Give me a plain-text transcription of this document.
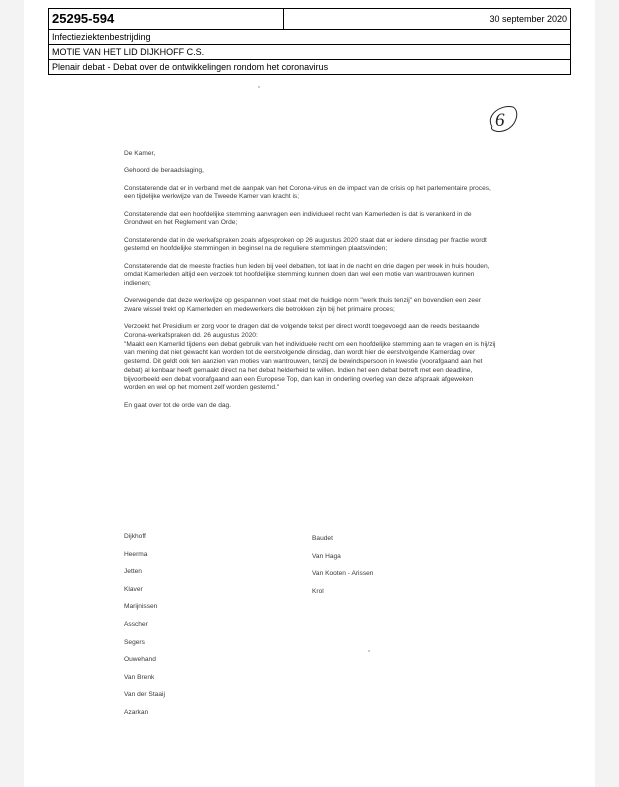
25295-594	30 september 2020
Infectieziektenbestrijding
MOTIE VAN HET LID DIJKHOFF C.S.
Plenair debat - Debat over de ontwikkelingen rondom het coronavirus
6

De Kamer,

Gehoord de beraadslaging,

Constaterende dat er in verband met de aanpak van het Corona-virus en de impact van de crisis op het parlementaire proces, een tijdelijke werkwijze van de Tweede Kamer van kracht is;

Constaterende dat een hoofdelijke stemming aanvragen een individueel recht van Kamerleden is dat is verankerd in de Grondwet en het Reglement van Orde;

Constaterende dat in de werkafspraken zoals afgesproken op 26 augustus 2020 staat dat er iedere dinsdag per fractie wordt gestemd en hoofdelijke stemmingen in beginsel na de reguliere stemmingen plaatsvinden;

Constaterende dat de meeste fracties hun leden bij veel debatten, tot laat in de nacht en drie dagen per week in huis houden, omdat Kamerleden altijd een verzoek tot hoofdelijke stemming kunnen doen dan wel een motie van wantrouwen kunnen indienen;

Overwegende dat deze werkwijze op gespannen voet staat met de huidige norm "werk thuis tenzij" en bovendien een zeer zware wissel trekt op Kamerleden en medewerkers die betrokken zijn bij het primaire proces;

Verzoekt het Presidium er zorg voor te dragen dat de volgende tekst per direct wordt toegevoegd aan de reeds bestaande Corona-werkafspraken dd. 26 augustus 2020:

"Maakt een Kamerlid tijdens een debat gebruik van het individuele recht om een hoofdelijke stemming aan te vragen en is hij/zij van mening dat niet gewacht kan worden tot de eerstvolgende dinsdag, dan wordt hier de eerstvolgende Kamerdag over gestemd. Dit geldt ook ten aanzien van moties van wantrouwen, tenzij de bewindspersoon in kwestie (voorafgaand aan het debat) al kenbaar heeft gemaakt direct na het debat helderheid te willen. Indien het een debat betreft met een deadline, bijvoorbeeld een debat voorafgaand aan een Europese Top, dan kan in onderling overleg van deze afspraak afgeweken worden en wel op het moment zelf worden gestemd."

En gaat over tot de orde van de dag.

Dijkhoff
Heerma
Jetten
Klaver
Marijnissen
Asscher
Segers
Ouwehand
Van Brenk
Van der Staaij
Azarkan
Baudet
Van Haga
Van Kooten - Arissen
Krol
